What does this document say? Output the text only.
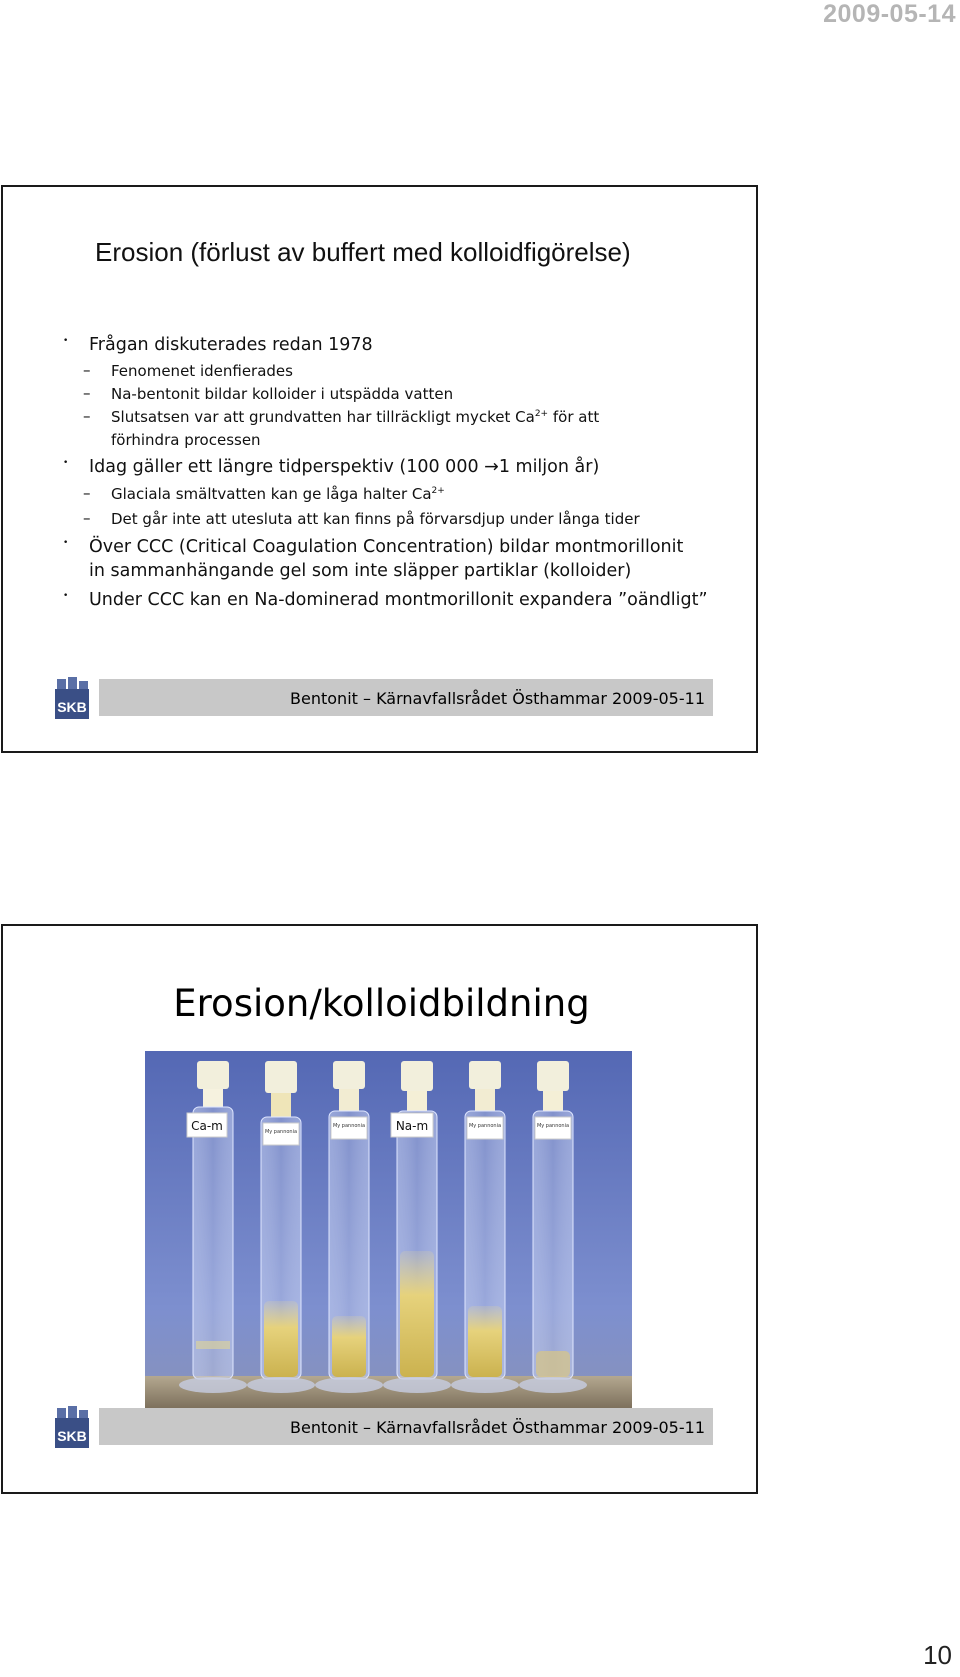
2009-05-14
Erosion (förlust av buffert med kolloidfigörelse)
• Frågan diskuterades redan 1978
– Fenomenet idenfierades
– Na-bentonit bildar kolloider i utspädda vatten
– Slutsatsen var att grundvatten har tillräckligt mycket $Ca^{2+}$ för att
förhindra processen
• Idag gäller ett längre tidperspektiv (100 000 →1 miljon år)
– Glaciala smältvatten kan ge låga halter $Ca^{2+}$
– Det går inte att utesluta att kan finns på förvarsdjup under långa tider
• Över CCC (Critical Coagulation Concentration) bildar montmorillonit
in sammanhängande gel som inte släpper partiklar (kolloider)
• Under CCC kan en Na-dominerad montmorillonit expandera ”oändligt”
SKB	Bentonit – Kärnavfallsrådet Östhammar 2009-05-11
Erosion/kolloidbildning
Ca-m	My pannonia
My pannonia	Na-m	My pannonia	My pannonia
SKB	Bentonit – Kärnavfallsrådet Östhammar 2009-05-11
10
